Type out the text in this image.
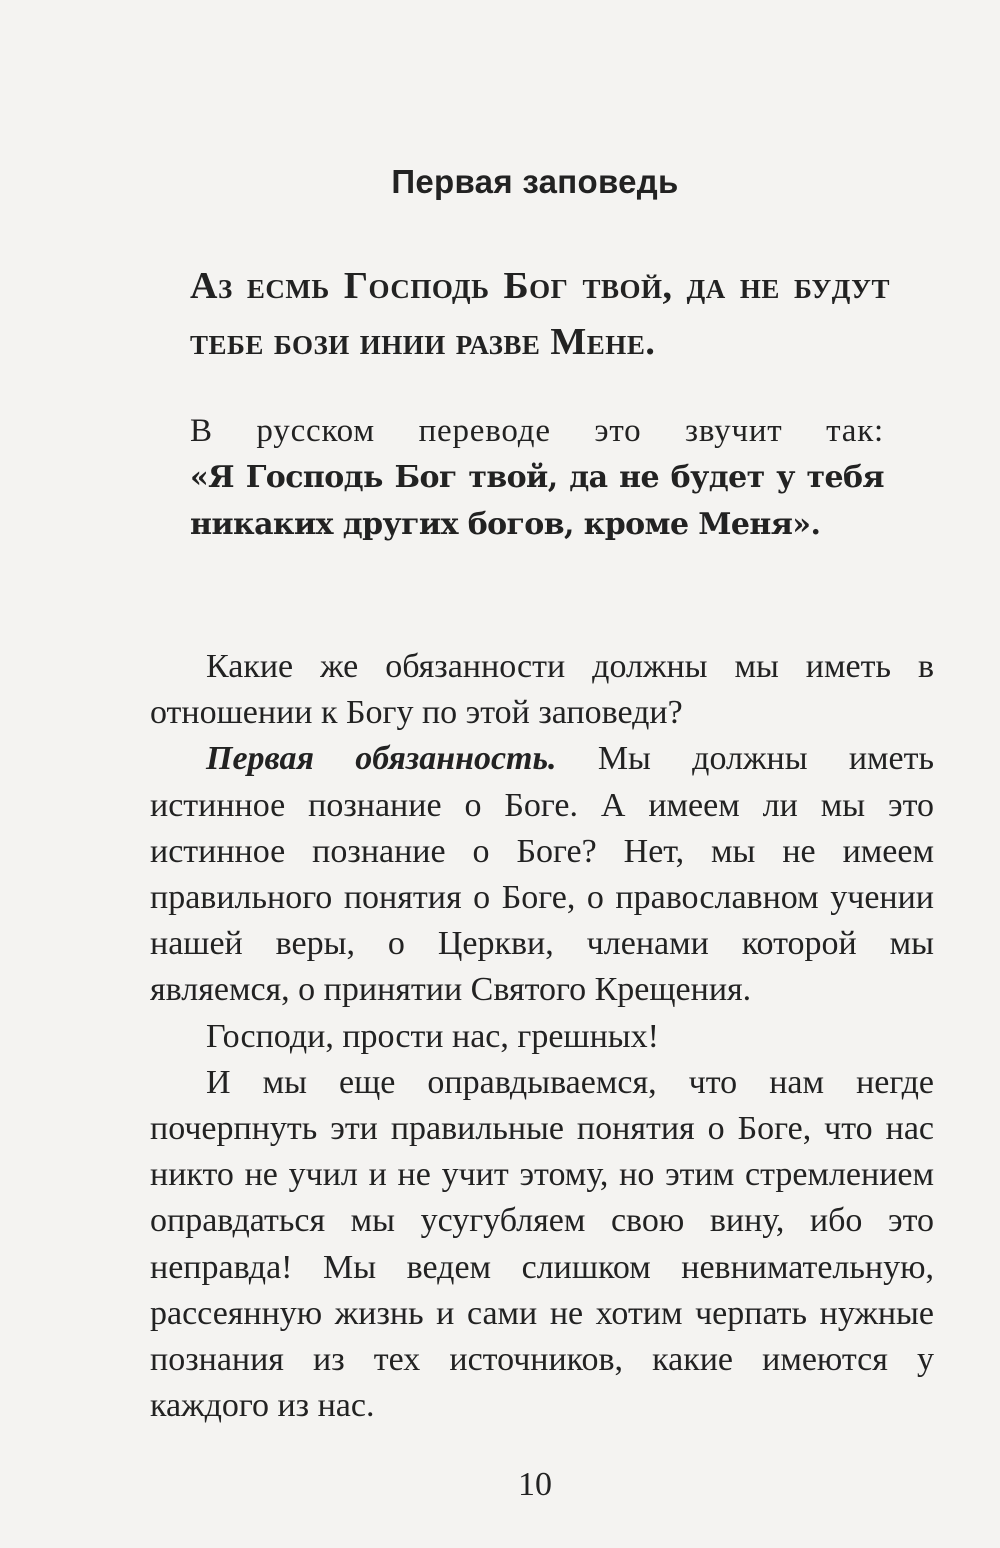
Первая заповедь
Аз есмь Господь Бог твой, да не будут тебе бози инии разве Мене.
В русском переводе это звучит так:
«Я Господь Бог твой, да не будет у тебя никаких других богов, кроме Меня».

Какие же обязанности должны мы иметь в отношении к Богу по этой заповеди?

Первая обязанность. Мы должны иметь истинное познание о Боге. А имеем ли мы это истинное познание о Боге? Нет, мы не имеем правильного понятия о Боге, о православном учении нашей веры, о Церкви, членами которой мы являемся, о принятии Святого Крещения.

Господи, прости нас, грешных!

И мы еще оправдываемся, что нам негде почерпнуть эти правильные понятия о Боге, что нас никто не учил и не учит этому, но этим стремлением оправдаться мы усугубляем свою вину, ибо это неправда! Мы ведем слишком невнимательную, рассеянную жизнь и сами не хотим черпать нужные познания из тех источников, какие имеются у каждого из нас.

10
